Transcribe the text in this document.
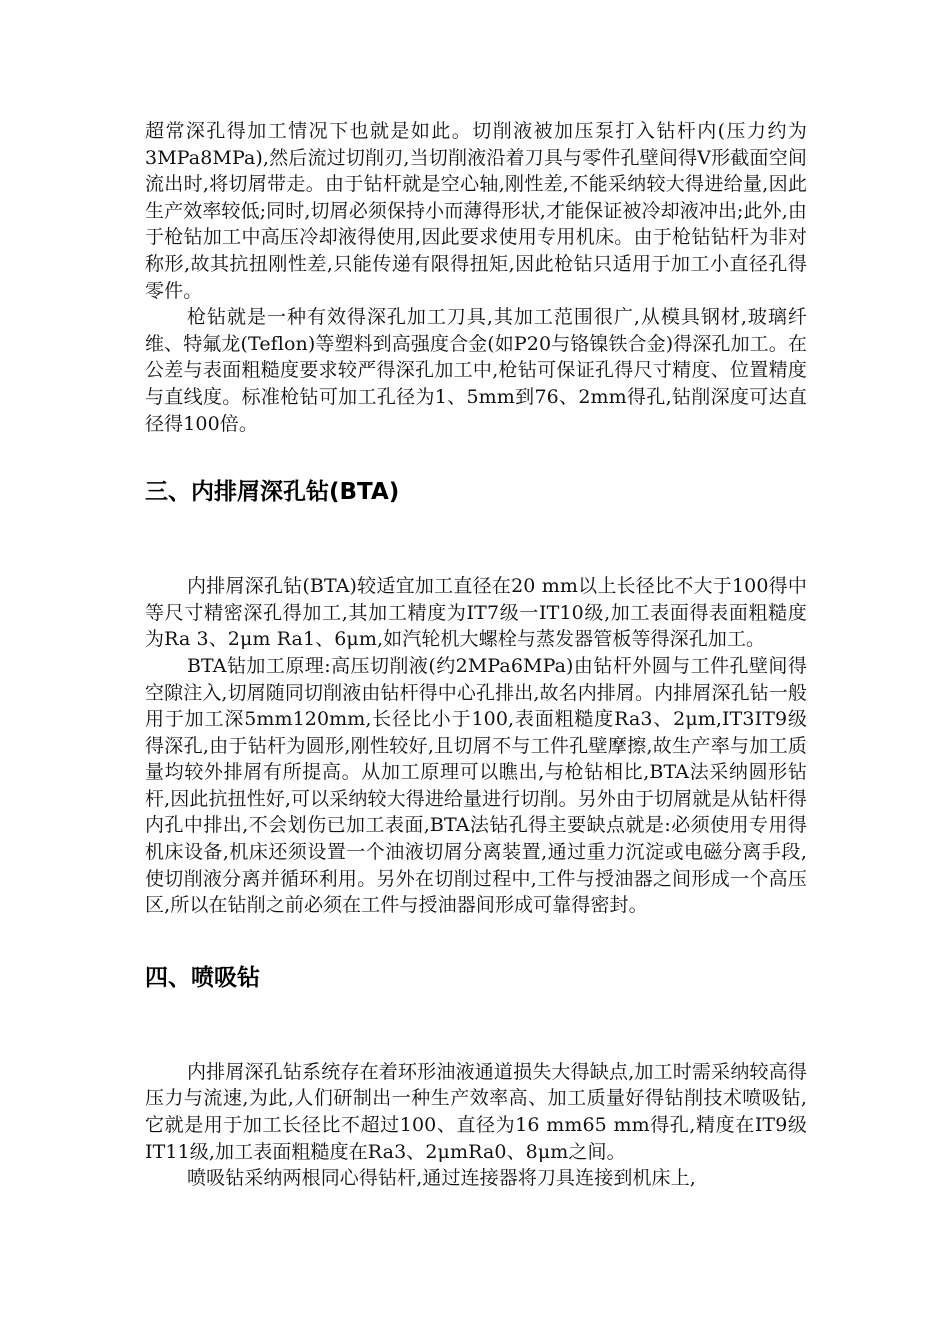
超常深孔得加工情况下也就是如此。切削液被加压泵打入钻杆内(压力约为3MPa8MPa),然后流过切削刃,当切削液沿着刀具与零件孔壁间得V形截面空间流出时,将切屑带走。由于钻杆就是空心轴,刚性差,不能采纳较大得进给量,因此生产效率较低;同时,切屑必须保持小而薄得形状,才能保证被冷却液冲出;此外,由于枪钻加工中高压冷却液得使用,因此要求使用专用机床。由于枪钻钻杆为非对称形,故其抗扭刚性差,只能传递有限得扭矩,因此枪钻只适用于加工小直径孔得零件。

枪钻就是一种有效得深孔加工刀具,其加工范围很广,从模具钢材,玻璃纤维、特氟龙(Teflon)等塑料到高强度合金(如P20与铬镍铁合金)得深孔加工。在公差与表面粗糙度要求较严得深孔加工中,枪钻可保证孔得尺寸精度、位置精度与直线度。标准枪钻可加工孔径为1、5mm到76、2mm得孔,钻削深度可达直径得100倍。

三、内排屑深孔钻(BTA)

内排屑深孔钻(BTA)较适宜加工直径在20 mm以上长径比不大于100得中等尺寸精密深孔得加工,其加工精度为IT7级一IT10级,加工表面得表面粗糙度为Ra 3、2μm Ra1、6μm,如汽轮机大螺栓与蒸发器管板等得深孔加工。

BTA钻加工原理:高压切削液(约2MPa6MPa)由钻杆外圆与工件孔壁间得空隙注入,切屑随同切削液由钻杆得中心孔排出,故名内排屑。内排屑深孔钻一般用于加工深5mm120mm,长径比小于100,表面粗糙度Ra3、2μm,IT3IT9级得深孔,由于钻杆为圆形,刚性较好,且切屑不与工件孔壁摩擦,故生产率与加工质量均较外排屑有所提高。从加工原理可以瞧出,与枪钻相比,BTA法采纳圆形钻杆,因此抗扭性好,可以采纳较大得进给量进行切削。另外由于切屑就是从钻杆得内孔中排出,不会划伤已加工表面,BTA法钻孔得主要缺点就是:必须使用专用得机床设备,机床还须设置一个油液切屑分离装置,通过重力沉淀或电磁分离手段,使切削液分离并循环利用。另外在切削过程中,工件与授油器之间形成一个高压区,所以在钻削之前必须在工件与授油器间形成可靠得密封。

四、喷吸钻

内排屑深孔钻系统存在着环形油液通道损失大得缺点,加工时需采纳较高得压力与流速,为此,人们研制出一种生产效率高、加工质量好得钻削技术喷吸钻,它就是用于加工长径比不超过100、直径为16 mm65 mm得孔,精度在IT9级IT11级,加工表面粗糙度在Ra3、2μmRa0、8μm之间。

喷吸钻采纳两根同心得钻杆,通过连接器将刀具连接到机床上,
